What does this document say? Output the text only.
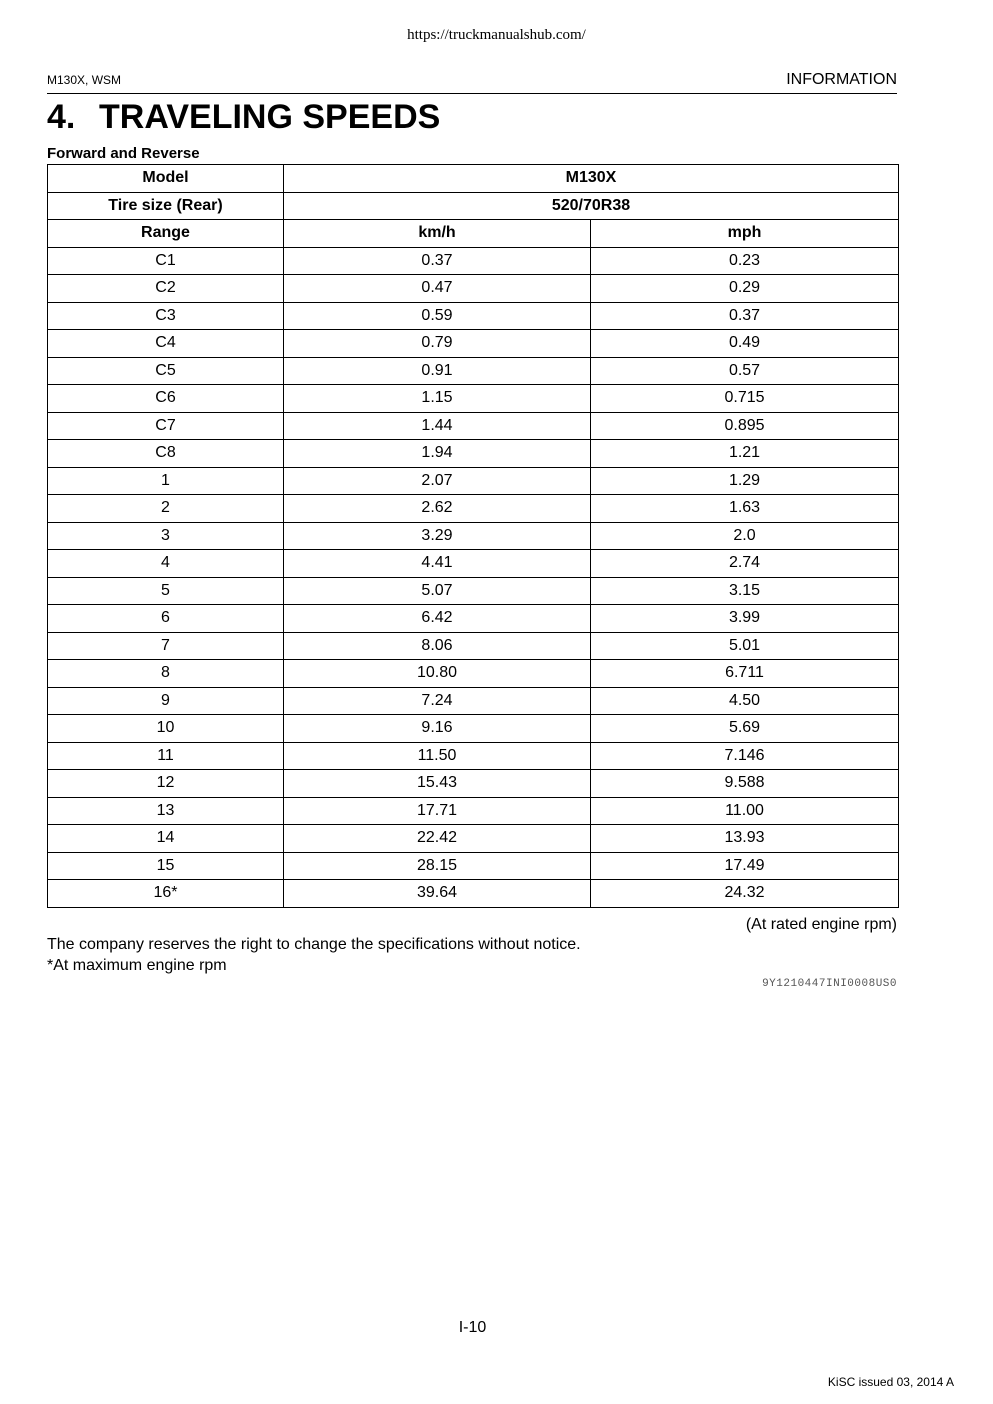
https://truckmanualshub.com/
M130X, WSM	INFORMATION
4. TRAVELING SPEEDS
Forward and Reverse
Model	M130X	
Tire size (Rear)	520/70R38	
Range	km/h	mph
C1	0.37	0.23
C2	0.47	0.29
C3	0.59	0.37
C4	0.79	0.49
C5	0.91	0.57
C6	1.15	0.715
C7	1.44	0.895
C8	1.94	1.21
1	2.07	1.29
2	2.62	1.63
3	3.29	2.0
4	4.41	2.74
5	5.07	3.15
6	6.42	3.99
7	8.06	5.01
8	10.80	6.711
9	7.24	4.50
10	9.16	5.69
11	11.50	7.146
12	15.43	9.588
13	17.71	11.00
14	22.42	13.93
15	28.15	17.49
16*	39.64	24.32
(At rated engine rpm)
The company reserves the right to change the specifications without notice.
*At maximum engine rpm
9Y1210447INI0008US0
I-10
KiSC issued 03, 2014 A
